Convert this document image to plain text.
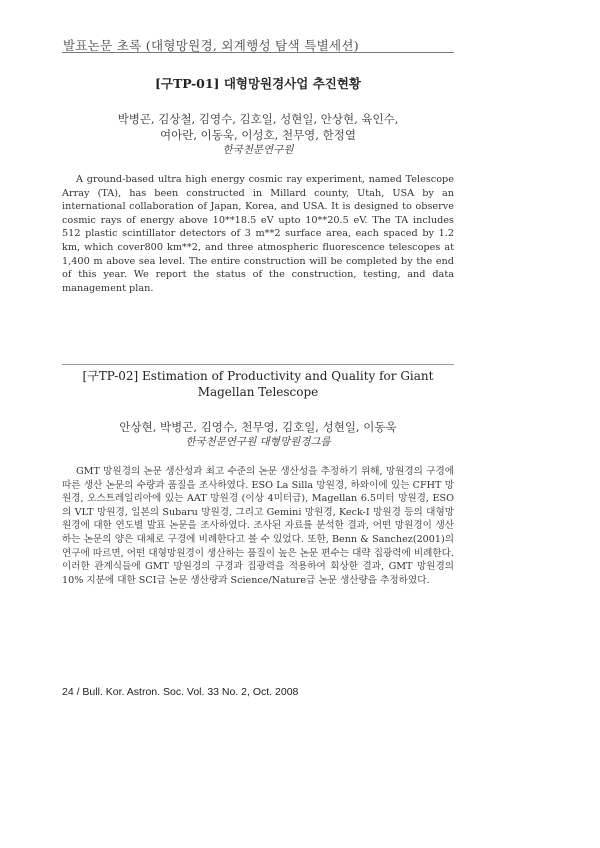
발표논문 초록 (대형망원경, 외계행성 탐색 특별세션)
[구TP-01] 대형망원경사업 추진현황
박병곤, 김상철, 김영수, 김호일, 성현일, 안상현, 육인수,
여아란, 이동욱, 이성호, 천무영, 한정열
한국천문연구원

A ground-based ultra high energy cosmic ray experiment, named Telescope Array (TA), has been constructed in Millard county, Utah, USA by an international collaboration of Japan, Korea, and USA. It is designed to observe cosmic rays of energy above 10**18.5 eV upto 10**20.5 eV. The TA includes 512 plastic scintillator detectors of 3 m**2 surface area, each spaced by 1.2 km, which cover800 km**2, and three atmospheric fluorescence telescopes at 1,400 m above sea level. The entire construction will be completed by the end of this year. We report the status of the construction, testing, and data management plan.

[구TP-02] Estimation of Productivity and Quality for Giant Magellan Telescope
안상현, 박병곤, 김영수, 천무영, 김호일, 성현일, 이동욱
한국천문연구원 대형망원경그룹

GMT 망원경의 논문 생산성과 최고 수준의 논문 생산성을 추정하기 위해, 망원경의 구경에 따른 생산 논문의 수량과 품질을 조사하였다. ESO La Silla 망원경, 하와이에 있는 CFHT 망원경, 오스트레일리아에 있는 AAT 망원경 (이상 4미터급), Magellan 6.5미터 망원경, ESO의 VLT 망원경, 일본의 Subaru 망원경, 그리고 Gemini 망원경, Keck-I 망원경 등의 대형망원경에 대한 연도별 발표 논문을 조사하였다. 조사된 자료를 분석한 결과, 어떤 망원경이 생산하는 논문의 양은 대체로 구경에 비례한다고 볼 수 있었다. 또한, Benn & Sanchez(2001)의 연구에 따르면, 어떤 대형망원경이 생산하는 품질이 높은 논문 편수는 대략 집광력에 비례한다. 이러한 관계식들에 GMT 망원경의 구경과 집광력을 적용하여 회상한 결과, GMT 망원경의 10% 지분에 대한 SCI급 논문 생산량과 Science/Nature급 논문 생산량을 추정하였다.

24 / Bull. Kor. Astron. Soc. Vol. 33 No. 2, Oct. 2008
